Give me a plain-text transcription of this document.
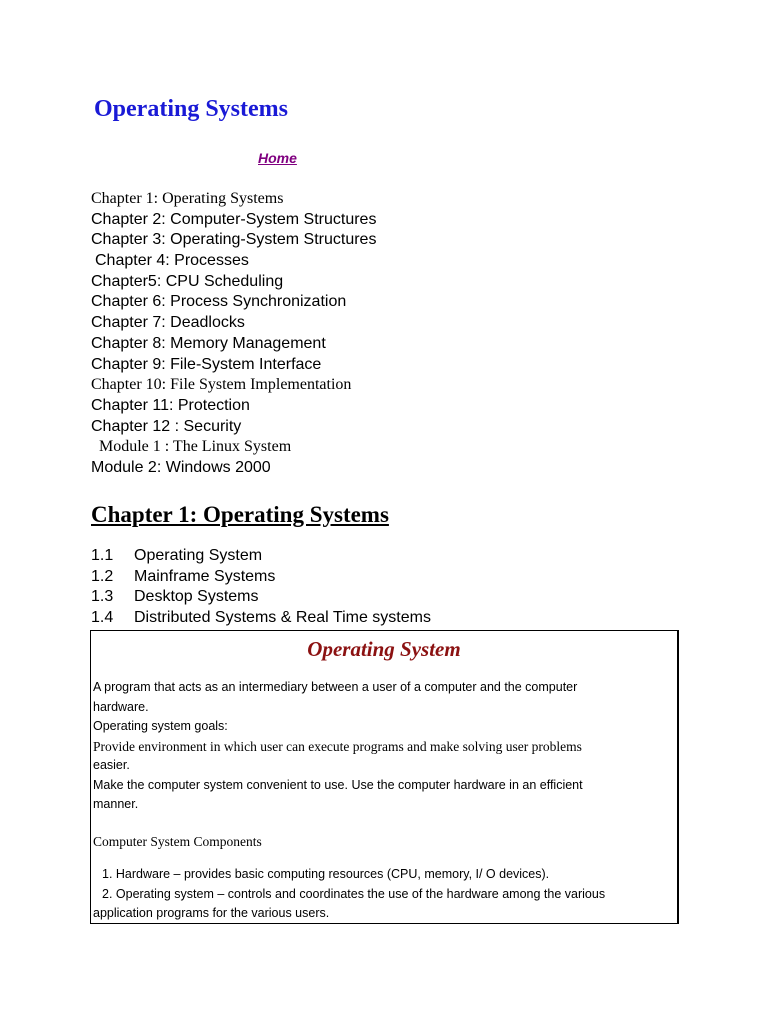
Operating Systems
Home
Chapter 1: Operating Systems
Chapter 2: Computer-System Structures
Chapter 3: Operating-System Structures
Chapter 4: Processes
Chapter5: CPU Scheduling
Chapter 6: Process Synchronization
Chapter 7: Deadlocks
Chapter 8: Memory Management
Chapter 9: File-System Interface
Chapter 10: File System Implementation
Chapter 11: Protection
Chapter 12 : Security
Module 1 : The Linux System
Module 2: Windows 2000
Chapter 1: Operating Systems
1.1 Operating System
1.2 Mainframe Systems
1.3 Desktop Systems
1.4 Distributed Systems & Real Time systems
Operating System

A program that acts as an intermediary between a user of a computer and the computer

hardware.

Operating system goals:

Provide environment in which user can execute programs and make solving user problems

easier.

Make the computer system convenient to use. Use the computer hardware in an efficient

manner.

Computer System Components

1. Hardware – provides basic computing resources (CPU, memory, I/ O devices).

2. Operating system – controls and coordinates the use of the hardware among the various

application programs for the various users.
